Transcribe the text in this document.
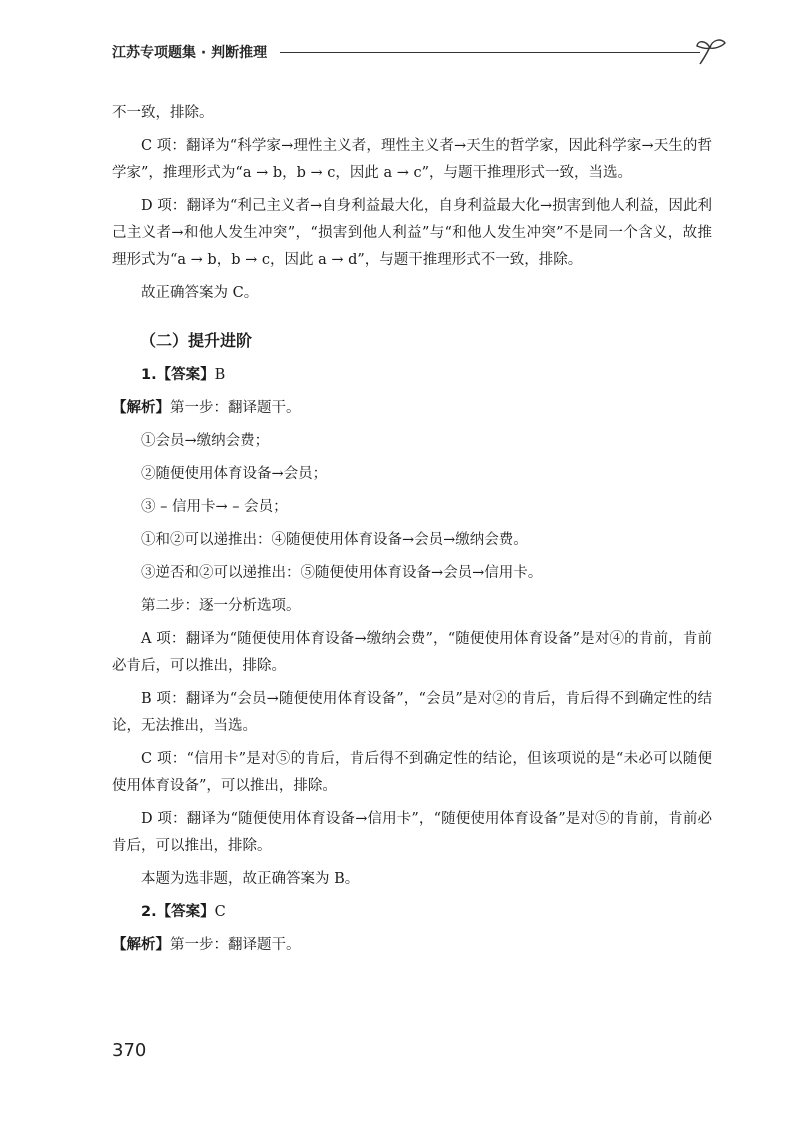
江苏专项题集 · 判断推理

不一致，排除。

C 项：翻译为“科学家→理性主义者，理性主义者→天生的哲学家，因此科学家→天生的哲学家”，推理形式为“a → b，b → c，因此 a → c”，与题干推理形式一致，当选。

D 项：翻译为“利己主义者→自身利益最大化，自身利益最大化→损害到他人利益，因此利己主义者→和他人发生冲突”，“损害到他人利益”与“和他人发生冲突”不是同一个含义，故推理形式为“a → b，b → c，因此 a → d”，与题干推理形式不一致，排除。

故正确答案为 C。

（二）提升进阶

1.【答案】B

【解析】第一步：翻译题干。

①会员→缴纳会费；

②随便使用体育设备→会员；

③ – 信用卡→ – 会员；

①和②可以递推出：④随便使用体育设备→会员→缴纳会费。

③逆否和②可以递推出：⑤随便使用体育设备→会员→信用卡。

第二步：逐一分析选项。

A 项：翻译为“随便使用体育设备→缴纳会费”，“随便使用体育设备”是对④的肯前，肯前必肯后，可以推出，排除。

B 项：翻译为“会员→随便使用体育设备”，“会员”是对②的肯后，肯后得不到确定性的结论，无法推出，当选。

C 项：“信用卡”是对⑤的肯后，肯后得不到确定性的结论，但该项说的是“未必可以随便使用体育设备”，可以推出，排除。

D 项：翻译为“随便使用体育设备→信用卡”，“随便使用体育设备”是对⑤的肯前，肯前必肯后，可以推出，排除。

本题为选非题，故正确答案为 B。

2.【答案】C

【解析】第一步：翻译题干。

370
